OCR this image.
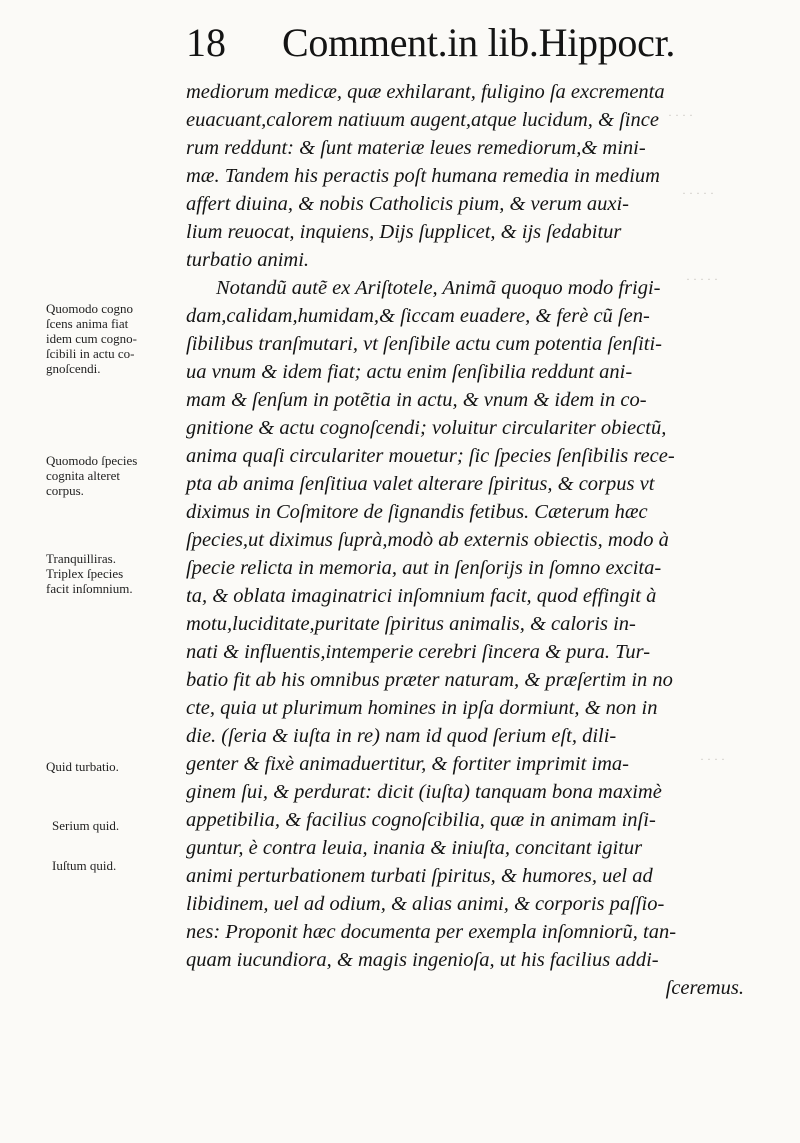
· · · ·
· · · · ·
· · · · ·
· · · ·
18 Comment.in lib.Hippocr.
Quomodo cogno
ſcens anima fiat
idem cum cogno-
ſcibili in actu co-
gnoſcendi.
Quomodo ſpecies
cognita alteret
corpus.
Tranquilliras.
Triplex ſpecies
facit inſomnium.
Quid turbatio.
Serium quid.
Iuſtum quid.
mediorum medicæ, quæ exhilarant, fuligino ſa excrementa
euacuant,calorem natiuum augent,atque lucidum, & ſince
rum reddunt: & ſunt materiæ leues remediorum,& mini-
mæ. Tandem his peractis poſt humana remedia in medium
affert diuina, & nobis Catholicis pium, & verum auxi-
lium reuocat, inquiens, Dijs ſupplicet, & ijs ſedabitur
turbatio animi.
Notandũ autẽ ex Ariſtotele, Animã quoquo modo frigi-
dam,calidam,humidam,& ſiccam euadere, & ferè cũ ſen-
ſibilibus tranſmutari, vt ſenſibile actu cum potentia ſenſiti-
ua vnum & idem fiat; actu enim ſenſibilia reddunt ani-
mam & ſenſum in potẽtia in actu, & vnum & idem in co-
gnitione & actu cognoſcendi; voluitur circulariter obiectũ,
anima quaſi circulariter mouetur; ſic ſpecies ſenſibilis rece-
pta ab anima ſenſitiua valet alterare ſpiritus, & corpus vt
diximus in Coſmitore de ſignandis fetibus. Cæterum hæc
ſpecies,ut diximus ſuprà,modò ab externis obiectis, modo à
ſpecie relicta in memoria, aut in ſenſorijs in ſomno excita-
ta, & oblata imaginatrici inſomnium facit, quod effingit à
motu,luciditate,puritate ſpiritus animalis, & caloris in-
nati & influentis,intemperie cerebri ſincera & pura. Tur-
batio fit ab his omnibus præter naturam, & præſertim in no
cte, quia ut plurimum homines in ipſa dormiunt, & non in
die. (ſeria & iuſta in re) nam id quod ſerium eſt, dili-
genter & fixè animaduertitur, & fortiter imprimit ima-
ginem ſui, & perdurat: dicit (iuſta) tanquam bona maximè
appetibilia, & facilius cognoſcibilia, quæ in animam inſi-
guntur, è contra leuia, inania & iniuſta, concitant igitur
animi perturbationem turbati ſpiritus, & humores, uel ad
libidinem, uel ad odium, & alias animi, & corporis paſſio-
nes: Proponit hæc documenta per exempla inſomniorũ, tan-
quam iucundiora, & magis ingenioſa, ut his facilius addi-
ſceremus.
